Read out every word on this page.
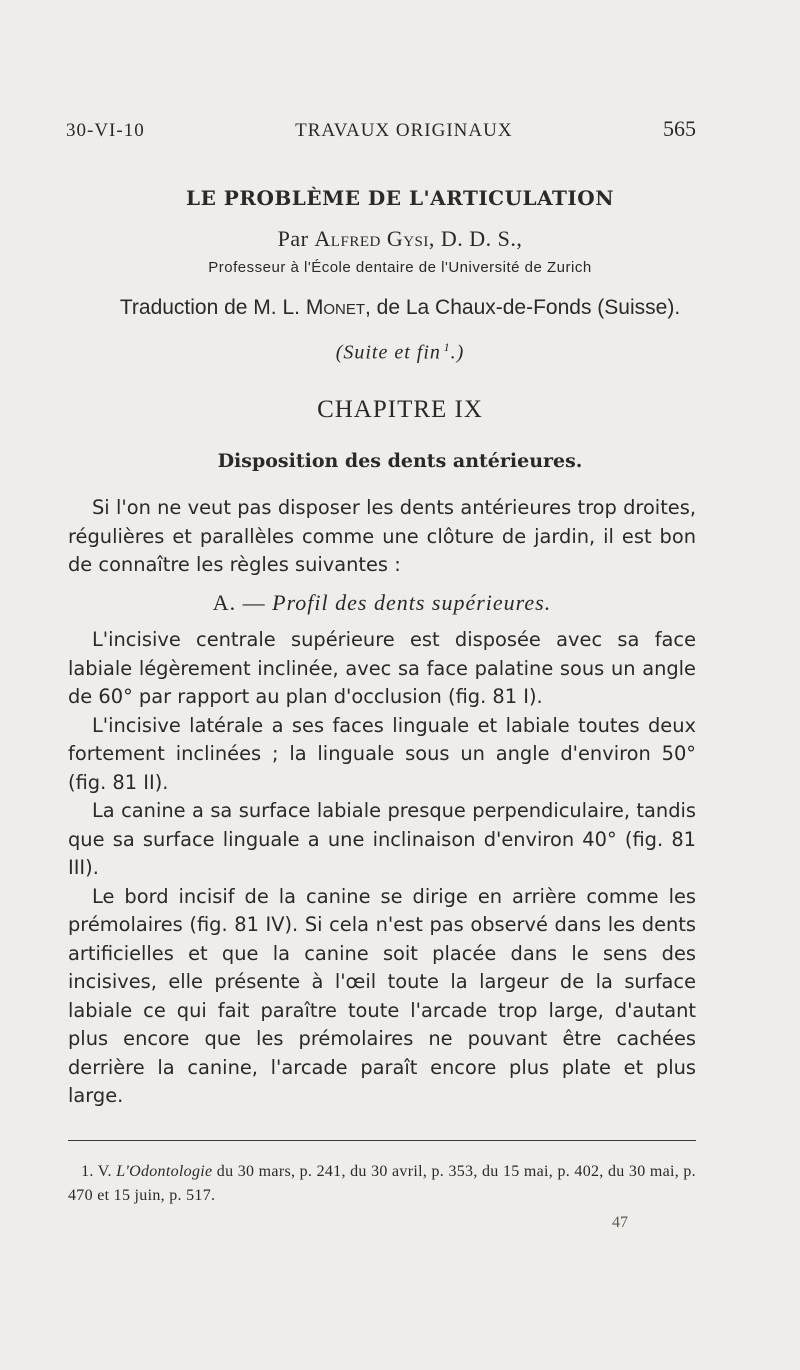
30-VI-10	TRAVAUX ORIGINAUX	565
LE PROBLÈME DE L'ARTICULATION
Par Alfred Gysi, D. D. S.,
Professeur à l'École dentaire de l'Université de Zurich
Traduction de M. L. Monet, de La Chaux-de-Fonds (Suisse).
(Suite et fin  $^1$.)
CHAPITRE IX
Disposition des dents antérieures.

Si l'on ne veut pas disposer les dents antérieures trop droites, régulières et parallèles comme une clôture de jardin, il est bon de connaître les règles suivantes :

A. — Profil des dents supérieures.

L'incisive centrale supérieure est disposée avec sa face labiale légèrement inclinée, avec sa face palatine sous un angle de 60° par rapport au plan d'occlusion (fig. 81 I).

L'incisive latérale a ses faces linguale et labiale toutes deux fortement inclinées ; la linguale sous un angle d'environ 50° (fig. 81 II).

La canine a sa surface labiale presque perpendiculaire, tandis que sa surface linguale a une inclinaison d'environ 40° (fig. 81 III).

Le bord incisif de la canine se dirige en arrière comme les prémolaires (fig. 81 IV). Si cela n'est pas observé dans les dents artificielles et que la canine soit placée dans le sens des incisives, elle présente à l'œil toute la largeur de la surface labiale ce qui fait paraître toute l'arcade trop large, d'autant plus encore que les prémolaires ne pouvant être cachées derrière la canine, l'arcade paraît encore plus plate et plus large.

1. V. L'Odontologie du 30 mars, p. 241, du 30 avril, p. 353, du 15 mai, p. 402, du 30 mai, p. 470 et 15 juin, p. 517.
47
